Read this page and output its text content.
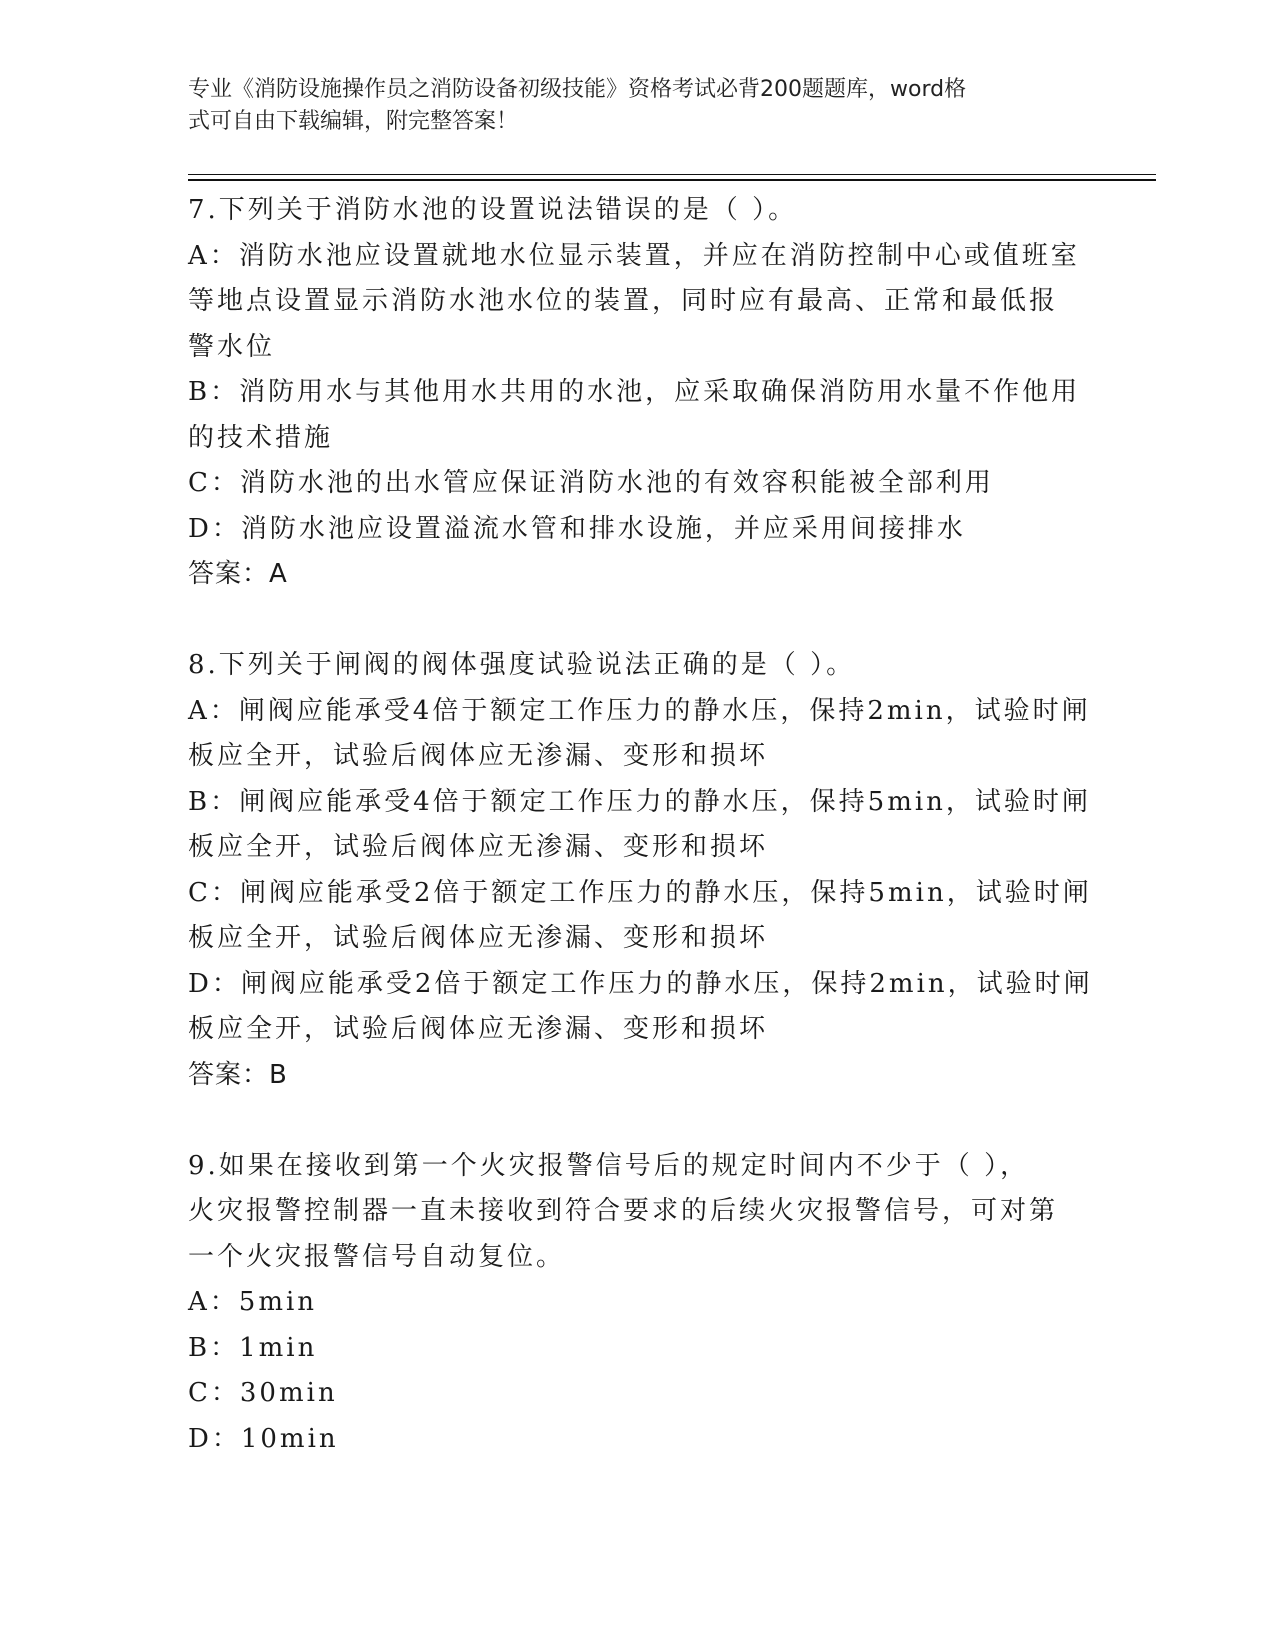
专业《消防设施操作员之消防设备初级技能》资格考试必背200题题库，word格
式可自由下载编辑，附完整答案！
7.下列关于消防水池的设置说法错误的是（ ）。
A：消防水池应设置就地水位显示装置，并应在消防控制中心或值班室
等地点设置显示消防水池水位的装置，同时应有最高、正常和最低报
警水位
B：消防用水与其他用水共用的水池，应采取确保消防用水量不作他用
的技术措施
C：消防水池的出水管应保证消防水池的有效容积能被全部利用
D：消防水池应设置溢流水管和排水设施，并应采用间接排水
答案：A
8.下列关于闸阀的阀体强度试验说法正确的是（ ）。
A：闸阀应能承受4倍于额定工作压力的静水压，保持2min，试验时闸
板应全开，试验后阀体应无渗漏、变形和损坏
B：闸阀应能承受4倍于额定工作压力的静水压，保持5min，试验时闸
板应全开，试验后阀体应无渗漏、变形和损坏
C：闸阀应能承受2倍于额定工作压力的静水压，保持5min，试验时闸
板应全开，试验后阀体应无渗漏、变形和损坏
D：闸阀应能承受2倍于额定工作压力的静水压，保持2min，试验时闸
板应全开，试验后阀体应无渗漏、变形和损坏
答案：B
9.如果在接收到第一个火灾报警信号后的规定时间内不少于（ ），
火灾报警控制器一直未接收到符合要求的后续火灾报警信号，可对第
一个火灾报警信号自动复位。
A：5min
B：1min
C：30min
D：10min
